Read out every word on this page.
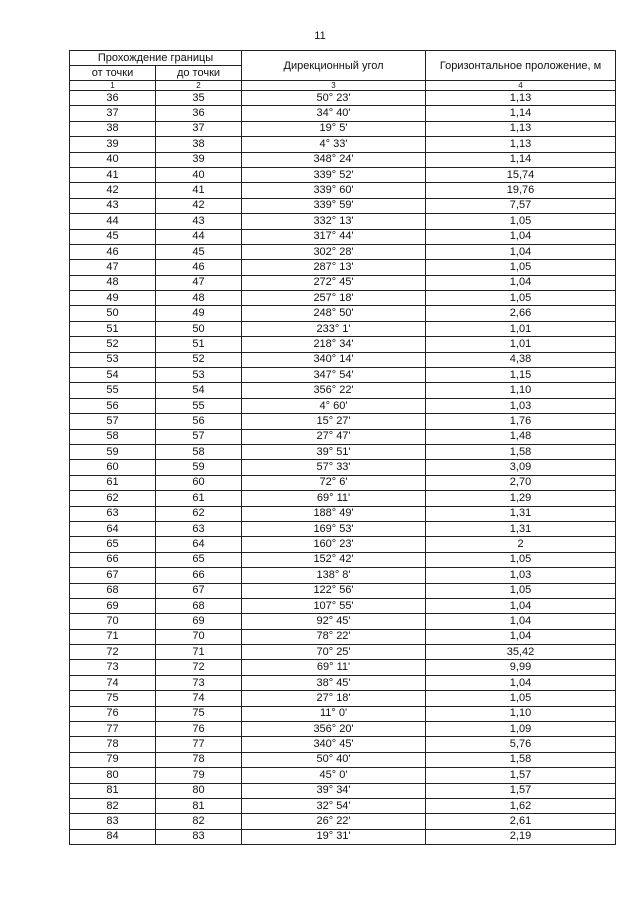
11
Прохождение границы		Дирекционный угол	Горизонтальное проложение, м
от точки	до точки		
1	2	3	4
36	35	50° 23'	1,13
37	36	34° 40'	1,14
38	37	19° 5'	1,13
39	38	4° 33'	1,13
40	39	348° 24'	1,14
41	40	339° 52'	15,74
42	41	339° 60'	19,76
43	42	339° 59'	7,57
44	43	332° 13'	1,05
45	44	317° 44'	1,04
46	45	302° 28'	1,04
47	46	287° 13'	1,05
48	47	272° 45'	1,04
49	48	257° 18'	1,05
50	49	248° 50'	2,66
51	50	233° 1'	1,01
52	51	218° 34'	1,01
53	52	340° 14'	4,38
54	53	347° 54'	1,15
55	54	356° 22'	1,10
56	55	4° 60'	1,03
57	56	15° 27'	1,76
58	57	27° 47'	1,48
59	58	39° 51'	1,58
60	59	57° 33'	3,09
61	60	72° 6'	2,70
62	61	69° 11'	1,29
63	62	188° 49'	1,31
64	63	169° 53'	1,31
65	64	160° 23'	2
66	65	152° 42'	1,05
67	66	138° 8'	1,03
68	67	122° 56'	1,05
69	68	107° 55'	1,04
70	69	92° 45'	1,04
71	70	78° 22'	1,04
72	71	70° 25'	35,42
73	72	69° 11'	9,99
74	73	38° 45'	1,04
75	74	27° 18'	1,05
76	75	11° 0'	1,10
77	76	356° 20'	1,09
78	77	340° 45'	5,76
79	78	50° 40'	1,58
80	79	45° 0'	1,57
81	80	39° 34'	1,57
82	81	32° 54'	1,62
83	82	26° 22'	2,61
84	83	19° 31'	2,19
